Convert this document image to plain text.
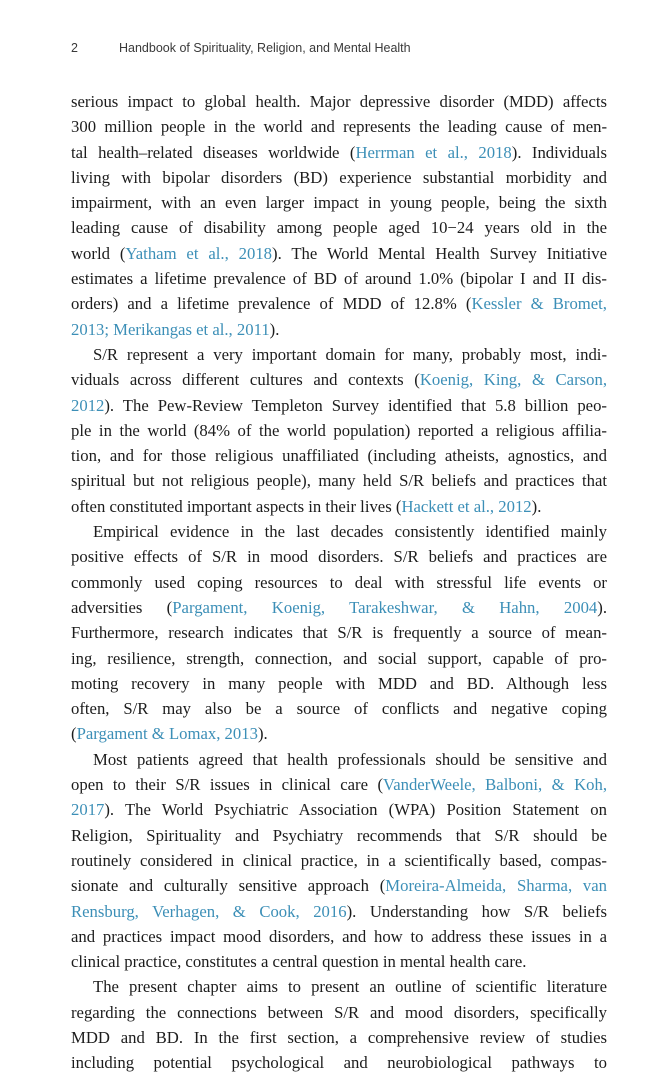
2	Handbook of Spirituality, Religion, and Mental Health
serious impact to global health. Major depressive disorder (MDD) affects
300 million people in the world and represents the leading cause of men-
tal health–related diseases worldwide (Herrman et al., 2018). Individuals
living with bipolar disorders (BD) experience substantial morbidity and
impairment, with an even larger impact in young people, being the sixth
leading cause of disability among people aged 10−24 years old in the
world (Yatham et al., 2018). The World Mental Health Survey Initiative
estimates a lifetime prevalence of BD of around 1.0% (bipolar I and II dis-
orders) and a lifetime prevalence of MDD of 12.8% (Kessler & Bromet,
2013; Merikangas et al., 2011).
S/R represent a very important domain for many, probably most, indi-
viduals across different cultures and contexts (Koenig, King, & Carson,
2012). The Pew-Review Templeton Survey identified that 5.8 billion peo-
ple in the world (84% of the world population) reported a religious affilia-
tion, and for those religious unaffiliated (including atheists, agnostics, and
spiritual but not religious people), many held S/R beliefs and practices that
often constituted important aspects in their lives (Hackett et al., 2012).
Empirical evidence in the last decades consistently identified mainly
positive effects of S/R in mood disorders. S/R beliefs and practices are
commonly used coping resources to deal with stressful life events or
adversities (Pargament, Koenig, Tarakeshwar, & Hahn, 2004).
Furthermore, research indicates that S/R is frequently a source of mean-
ing, resilience, strength, connection, and social support, capable of pro-
moting recovery in many people with MDD and BD. Although less
often, S/R may also be a source of conflicts and negative coping
(Pargament & Lomax, 2013).
Most patients agreed that health professionals should be sensitive and
open to their S/R issues in clinical care (VanderWeele, Balboni, & Koh,
2017). The World Psychiatric Association (WPA) Position Statement on
Religion, Spirituality and Psychiatry recommends that S/R should be
routinely considered in clinical practice, in a scientifically based, compas-
sionate and culturally sensitive approach (Moreira-Almeida, Sharma, van
Rensburg, Verhagen, & Cook, 2016). Understanding how S/R beliefs
and practices impact mood disorders, and how to address these issues in a
clinical practice, constitutes a central question in mental health care.
The present chapter aims to present an outline of scientific literature
regarding the connections between S/R and mood disorders, specifically
MDD and BD. In the first section, a comprehensive review of studies
including potential psychological and neurobiological pathways to
